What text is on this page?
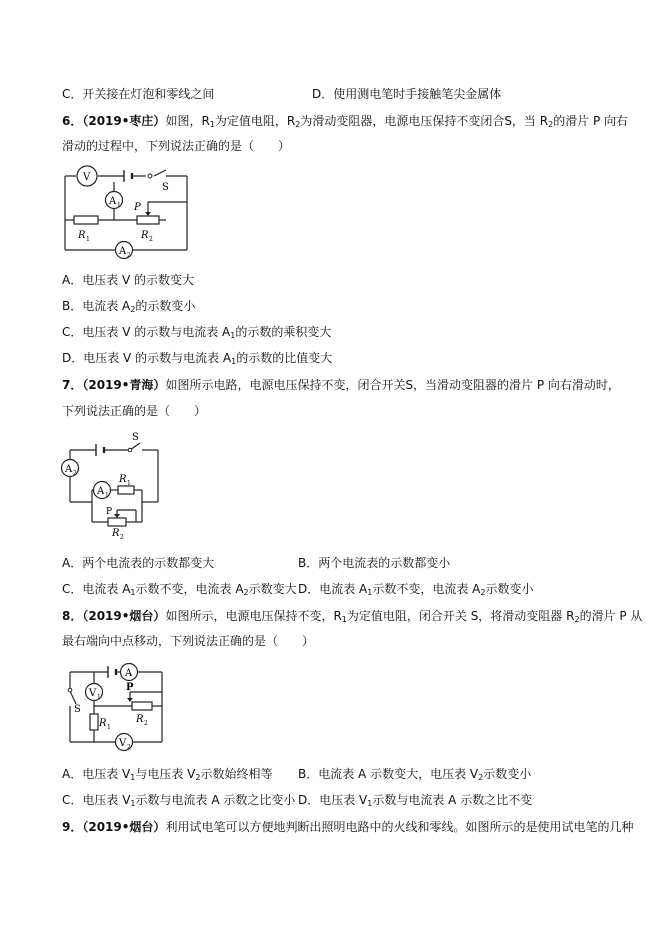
C．开关接在灯泡和零线之间	D．使用测电笔时手接触笔尖金属体
6．（2019•枣庄）如图，$R_1$为定值电阻，$R_2$为滑动变阻器，电源电压保持不变闭合S，当 $R_2$的滑片 P 向右
滑动的过程中，下列说法正确的是（　　）
V
A 1
A 2
S
P
R 1	R 2
A．电压表 V 的示数变大
B．电流表 $A_2$的示数变小
C．电压表 V 的示数与电流表 $A_1$的示数的乘积变大
D．电压表 V 的示数与电流表 $A_1$的示数的比值变大
7．（2019•青海）如图所示电路，电源电压保持不变，闭合开关S，当滑动变阻器的滑片 P 向右滑动时，
下列说法正确的是（　　）
A 2
A 1
S
R 1
P
R 2
A．两个电流表的示数都变大	B．两个电流表的示数都变小
C．电流表 $A_1$示数不变，电流表 $A_2$示数变大 D．电流表 $A_1$示数不变，电流表 $A_2$示数变小
8．（2019•烟台）如图所示，电源电压保持不变，$R_1$为定值电阻，闭合开关 S，将滑动变阻器 $R_2$的滑片 P 从
最右端向中点移动，下列说法正确的是（　　）
A
V 1
V 2
S
P
R 1
R 2
A．电压表 $V_1$与电压表 $V_2$示数始终相等 B．电流表 A 示数变大，电压表 $V_2$示数变小
C．电压表 $V_1$示数与电流表 A 示数之比变小 D．电压表 $V_1$示数与电流表 A 示数之比不变
9．（2019•烟台）利用试电笔可以方便地判断出照明电路中的火线和零线。如图所示的是使用试电笔的几种
